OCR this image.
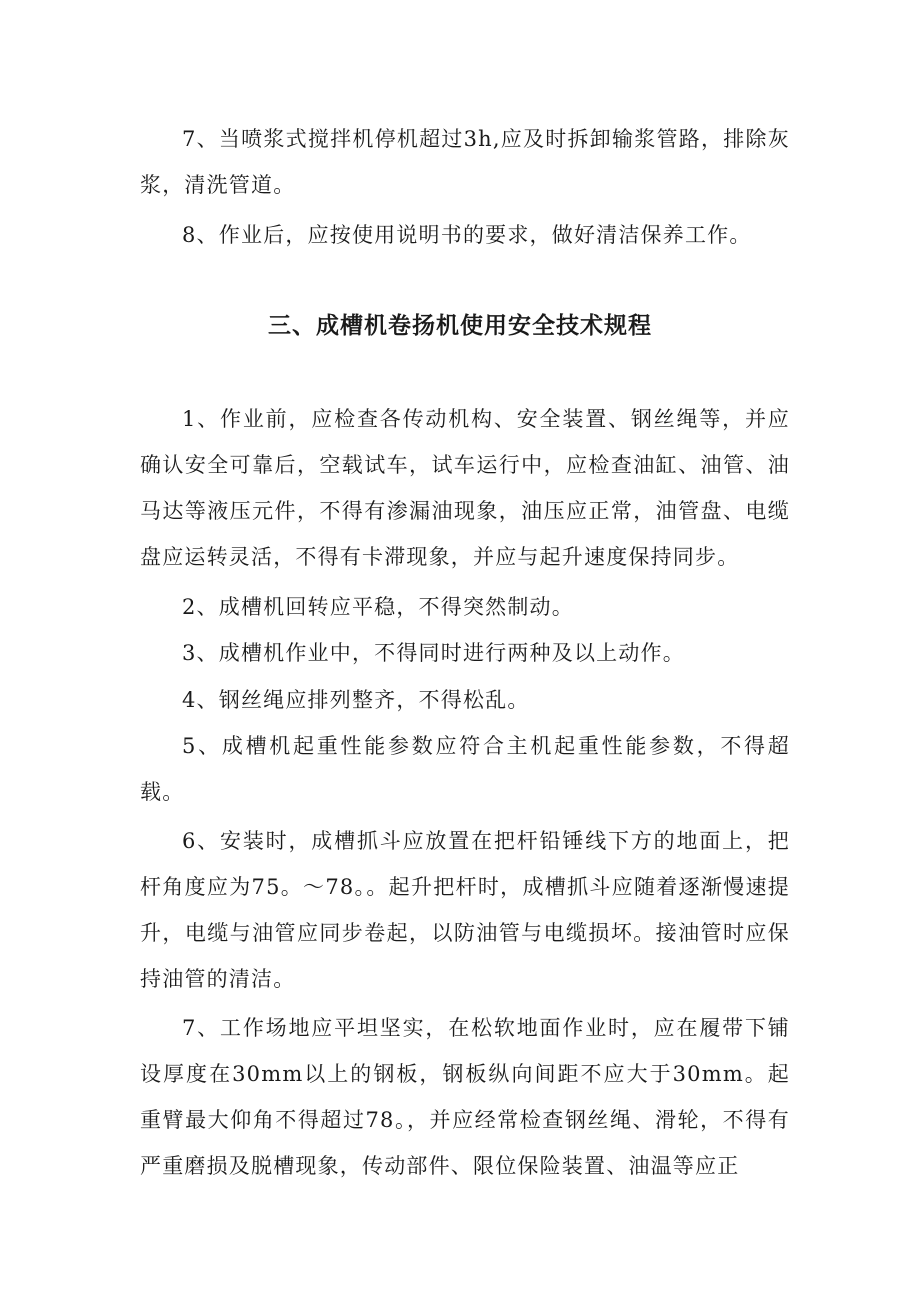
7、当喷浆式搅拌机停机超过3h,应及时拆卸输浆管路，排除灰浆，清洗管道。

8、作业后，应按使用说明书的要求，做好清洁保养工作。

三、成槽机卷扬机使用安全技术规程

1、作业前，应检查各传动机构、安全装置、钢丝绳等，并应确认安全可靠后，空载试车，试车运行中，应检查油缸、油管、油马达等液压元件，不得有渗漏油现象，油压应正常，油管盘、电缆盘应运转灵活，不得有卡滞现象，并应与起升速度保持同步。

2、成槽机回转应平稳，不得突然制动。

3、成槽机作业中，不得同时进行两种及以上动作。

4、钢丝绳应排列整齐，不得松乱。

5、成槽机起重性能参数应符合主机起重性能参数，不得超载。

6、安装时，成槽抓斗应放置在把杆铅锤线下方的地面上，把杆角度应为75。～78。。起升把杆时，成槽抓斗应随着逐渐慢速提升，电缆与油管应同步卷起，以防油管与电缆损坏。接油管时应保持油管的清洁。

7、工作场地应平坦坚实，在松软地面作业时，应在履带下铺设厚度在30mm以上的钢板，钢板纵向间距不应大于30mm。起重臂最大仰角不得超过78。，并应经常检查钢丝绳、滑轮，不得有严重磨损及脱槽现象，传动部件、限位保险装置、油温等应正
